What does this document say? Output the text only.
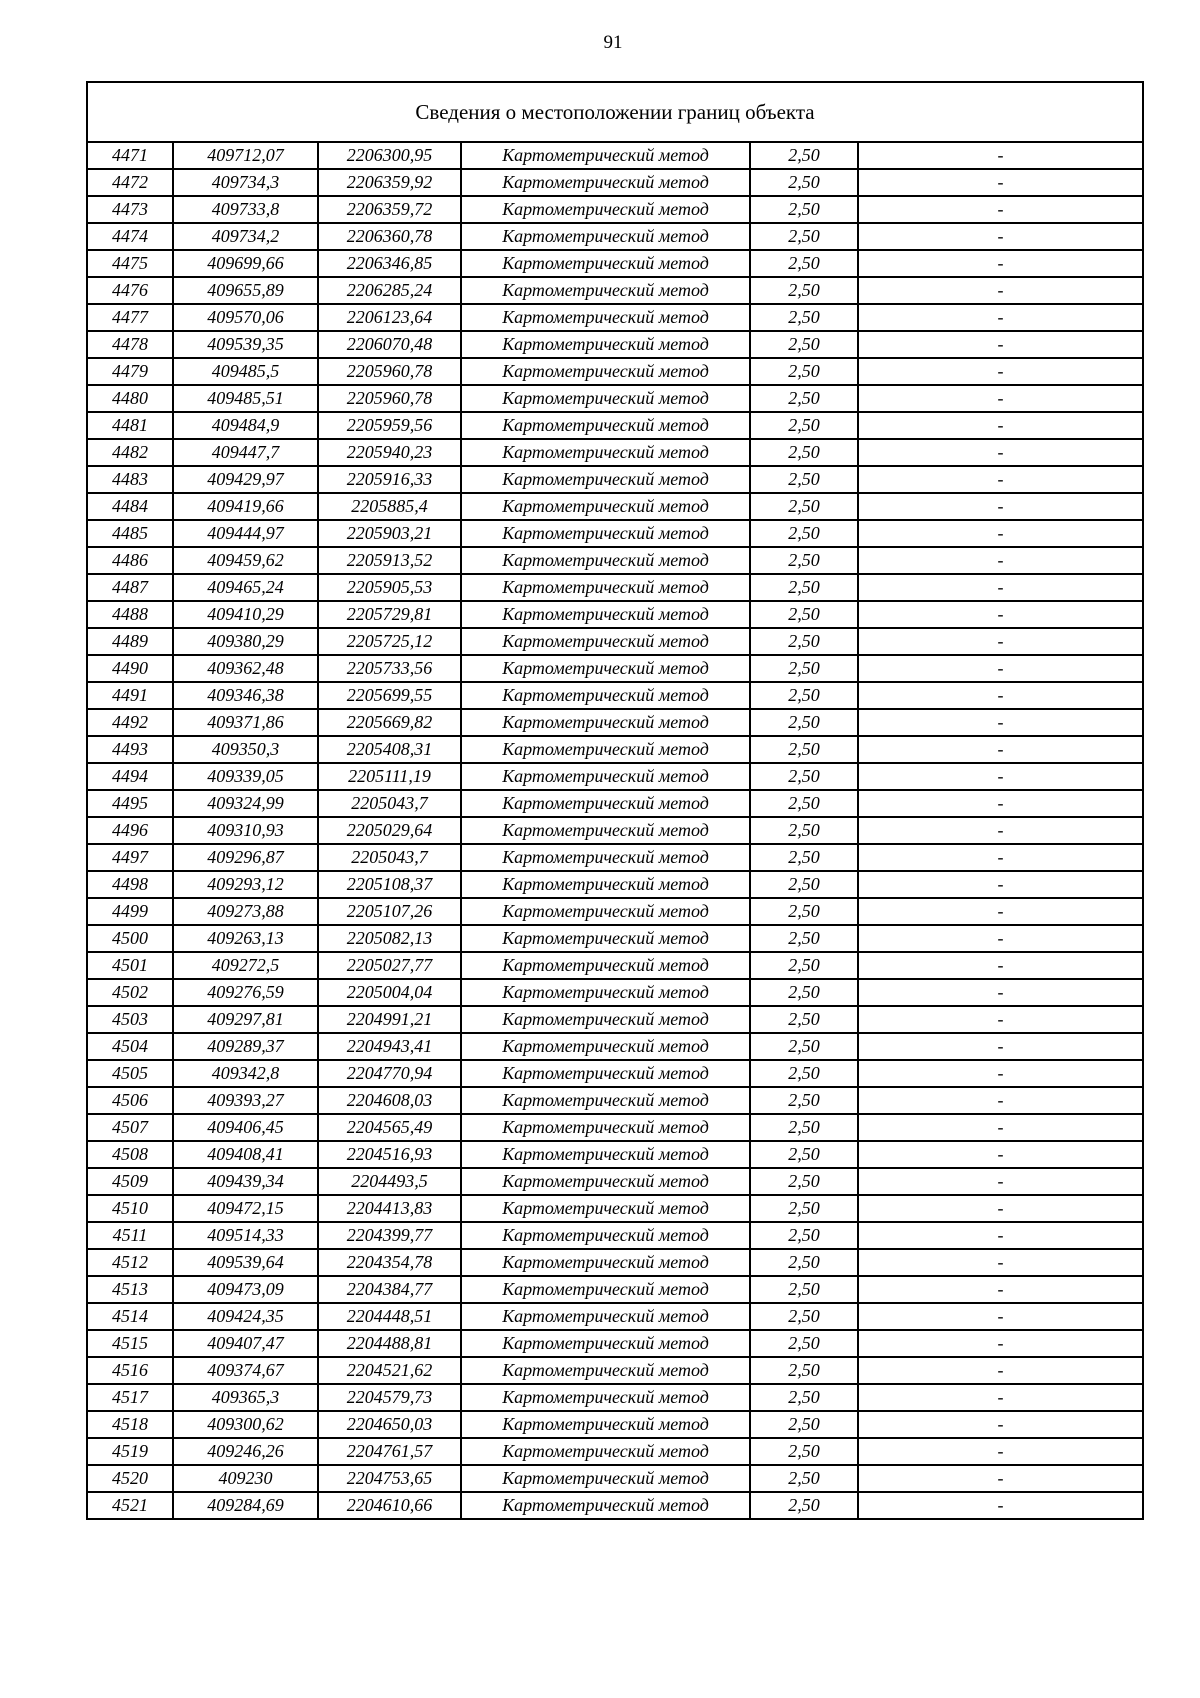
91
Сведения о местоположении границ объекта					
4471	409712,07	2206300,95	Картометрический метод	2,50	-
4472	409734,3	2206359,92	Картометрический метод	2,50	-
4473	409733,8	2206359,72	Картометрический метод	2,50	-
4474	409734,2	2206360,78	Картометрический метод	2,50	-
4475	409699,66	2206346,85	Картометрический метод	2,50	-
4476	409655,89	2206285,24	Картометрический метод	2,50	-
4477	409570,06	2206123,64	Картометрический метод	2,50	-
4478	409539,35	2206070,48	Картометрический метод	2,50	-
4479	409485,5	2205960,78	Картометрический метод	2,50	-
4480	409485,51	2205960,78	Картометрический метод	2,50	-
4481	409484,9	2205959,56	Картометрический метод	2,50	-
4482	409447,7	2205940,23	Картометрический метод	2,50	-
4483	409429,97	2205916,33	Картометрический метод	2,50	-
4484	409419,66	2205885,4	Картометрический метод	2,50	-
4485	409444,97	2205903,21	Картометрический метод	2,50	-
4486	409459,62	2205913,52	Картометрический метод	2,50	-
4487	409465,24	2205905,53	Картометрический метод	2,50	-
4488	409410,29	2205729,81	Картометрический метод	2,50	-
4489	409380,29	2205725,12	Картометрический метод	2,50	-
4490	409362,48	2205733,56	Картометрический метод	2,50	-
4491	409346,38	2205699,55	Картометрический метод	2,50	-
4492	409371,86	2205669,82	Картометрический метод	2,50	-
4493	409350,3	2205408,31	Картометрический метод	2,50	-
4494	409339,05	2205111,19	Картометрический метод	2,50	-
4495	409324,99	2205043,7	Картометрический метод	2,50	-
4496	409310,93	2205029,64	Картометрический метод	2,50	-
4497	409296,87	2205043,7	Картометрический метод	2,50	-
4498	409293,12	2205108,37	Картометрический метод	2,50	-
4499	409273,88	2205107,26	Картометрический метод	2,50	-
4500	409263,13	2205082,13	Картометрический метод	2,50	-
4501	409272,5	2205027,77	Картометрический метод	2,50	-
4502	409276,59	2205004,04	Картометрический метод	2,50	-
4503	409297,81	2204991,21	Картометрический метод	2,50	-
4504	409289,37	2204943,41	Картометрический метод	2,50	-
4505	409342,8	2204770,94	Картометрический метод	2,50	-
4506	409393,27	2204608,03	Картометрический метод	2,50	-
4507	409406,45	2204565,49	Картометрический метод	2,50	-
4508	409408,41	2204516,93	Картометрический метод	2,50	-
4509	409439,34	2204493,5	Картометрический метод	2,50	-
4510	409472,15	2204413,83	Картометрический метод	2,50	-
4511	409514,33	2204399,77	Картометрический метод	2,50	-
4512	409539,64	2204354,78	Картометрический метод	2,50	-
4513	409473,09	2204384,77	Картометрический метод	2,50	-
4514	409424,35	2204448,51	Картометрический метод	2,50	-
4515	409407,47	2204488,81	Картометрический метод	2,50	-
4516	409374,67	2204521,62	Картометрический метод	2,50	-
4517	409365,3	2204579,73	Картометрический метод	2,50	-
4518	409300,62	2204650,03	Картометрический метод	2,50	-
4519	409246,26	2204761,57	Картометрический метод	2,50	-
4520	409230	2204753,65	Картометрический метод	2,50	-
4521	409284,69	2204610,66	Картометрический метод	2,50	-
